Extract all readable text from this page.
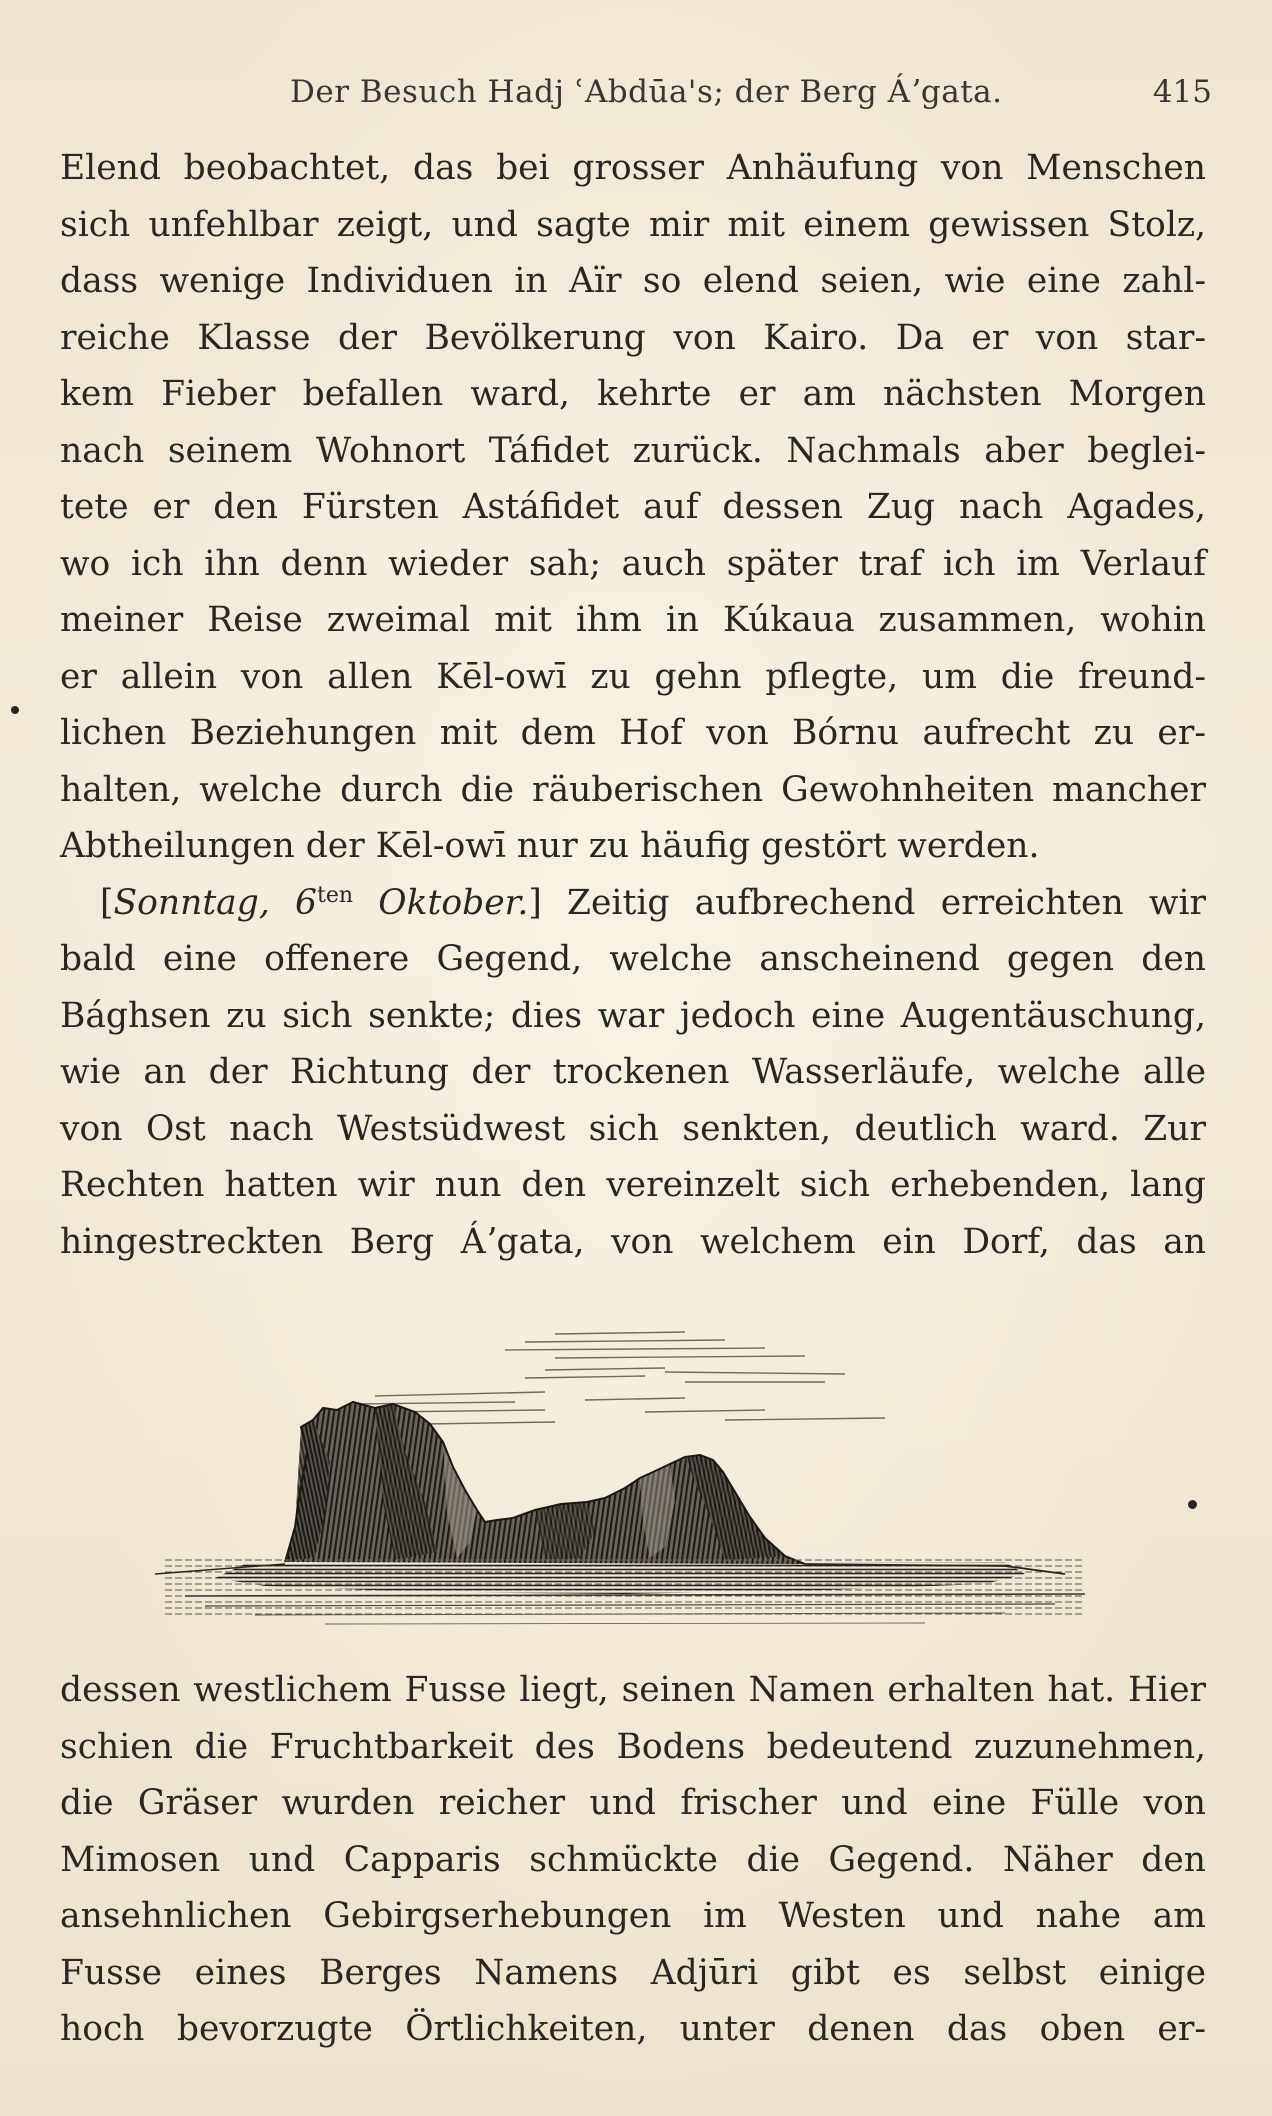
Der Besuch Hadj ʿAbdūa's; der Berg Áʼgata.	415
Elend beobachtet, das bei grosser Anhäufung von Menschen
sich unfehlbar zeigt, und sagte mir mit einem gewissen Stolz,
dass wenige Individuen in Aïr so elend seien, wie eine zahl-
reiche Klasse der Bevölkerung von Kairo. Da er von star-
kem Fieber befallen ward, kehrte er am nächsten Morgen
nach seinem Wohnort Táfidet zurück. Nachmals aber beglei-
tete er den Fürsten Astáfidet auf dessen Zug nach Agades,
wo ich ihn denn wieder sah; auch später traf ich im Verlauf
meiner Reise zweimal mit ihm in Kúkaua zusammen, wohin
er allein von allen Kēl-owī zu gehn pflegte, um die freund-
lichen Beziehungen mit dem Hof von Bórnu aufrecht zu er-
halten, welche durch die räuberischen Gewohnheiten mancher
Abtheilungen der Kēl-owī nur zu häufig gestört werden.
[Sonntag, $6^{ten}$ Oktober.] Zeitig aufbrechend erreichten wir
bald eine offenere Gegend, welche anscheinend gegen den
Bághsen zu sich senkte; dies war jedoch eine Augentäuschung,
wie an der Richtung der trockenen Wasserläufe, welche alle
von Ost nach Westsüdwest sich senkten, deutlich ward. Zur
Rechten hatten wir nun den vereinzelt sich erhebenden, lang
hingestreckten Berg Áʼgata, von welchem ein Dorf, das an
dessen westlichem Fusse liegt, seinen Namen erhalten hat. Hier
schien die Fruchtbarkeit des Bodens bedeutend zuzunehmen,
die Gräser wurden reicher und frischer und eine Fülle von
Mimosen und Capparis schmückte die Gegend. Näher den
ansehnlichen Gebirgserhebungen im Westen und nahe am
Fusse eines Berges Namens Adjūri gibt es selbst einige
hoch bevorzugte Örtlichkeiten, unter denen das oben er-
